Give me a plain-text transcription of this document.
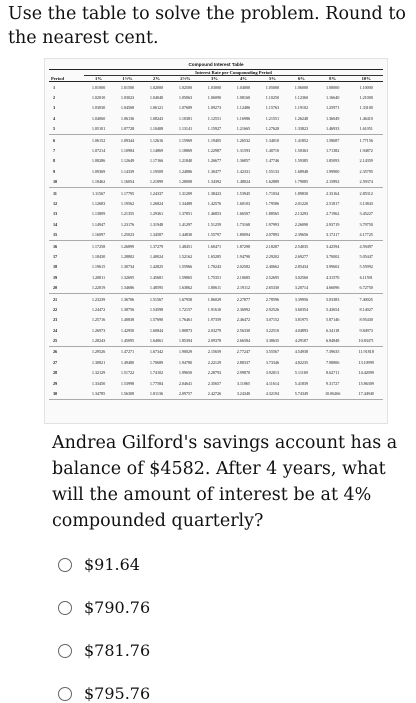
Use the table to solve the problem. Round to the nearest cent.
Compound Interest Table
	Interest Rate per Compounding Period									
Period	1%	1½%	2%	2½%	3%	4%	5%	6%	8%	10%
1	1.01000	1.01500	1.02000	1.02500	1.03000	1.04000	1.05000	1.06000	1.08000	1.10000
2	1.02010	1.03023	1.04040	1.05063	1.06090	1.08160	1.10250	1.12360	1.16640	1.21000
3	1.03030	1.04568	1.06121	1.07689	1.09273	1.12486	1.15763	1.19102	1.25971	1.33100
4	1.04060	1.06136	1.08243	1.10381	1.12551	1.16986	1.21551	1.26248	1.36049	1.46410
5	1.05101	1.07728	1.10408	1.13141	1.15927	1.21665	1.27628	1.33823	1.46933	1.61051
6	1.06152	1.09344	1.12616	1.15969	1.19405	1.26532	1.34010	1.41852	1.58687	1.77156
7	1.07214	1.10984	1.14869	1.18869	1.22987	1.31593	1.40710	1.50363	1.71382	1.94872
8	1.08286	1.12649	1.17166	1.21840	1.26677	1.36857	1.47746	1.59385	1.85093	2.14359
9	1.09369	1.14339	1.19509	1.24886	1.30477	1.42331	1.55133	1.68948	1.99900	2.35795
10	1.10462	1.16054	1.21899	1.28008	1.34392	1.48024	1.62889	1.79085	2.15892	2.59374
11	1.11567	1.17795	1.24337	1.31209	1.38423	1.53945	1.71034	1.89830	2.33164	2.85312
12	1.12683	1.19562	1.26824	1.34489	1.42576	1.60103	1.79586	2.01220	2.51817	3.13843
13	1.13809	1.21355	1.29361	1.37851	1.46853	1.66507	1.88565	2.13293	2.71962	3.45227
14	1.14947	1.23176	1.31948	1.41297	1.51259	1.73168	1.97993	2.26090	2.93719	3.79750
15	1.16097	1.25023	1.34587	1.44830	1.55797	1.80094	2.07893	2.39656	3.17217	4.17725
16	1.17258	1.26899	1.37279	1.48451	1.60471	1.87298	2.18287	2.54035	3.42594	4.59497
17	1.18430	1.28802	1.40024	1.52162	1.65285	1.94790	2.29202	2.69277	3.70002	5.05447
18	1.19615	1.30734	1.42825	1.55966	1.70243	2.02582	2.40662	2.85434	3.99602	5.55992
19	1.20811	1.32695	1.45681	1.59865	1.75351	2.10685	2.52695	3.02560	4.31570	6.11591
20	1.22019	1.34686	1.48595	1.63862	1.80611	2.19112	2.65330	3.20714	4.66096	6.72750
21	1.23239	1.36706	1.51567	1.67958	1.86029	2.27877	2.78596	3.39956	5.03383	7.40025
22	1.24472	1.38756	1.54598	1.72157	1.91610	2.36992	2.92526	3.60354	5.43654	8.14027
23	1.25716	1.40838	1.57690	1.76461	1.97359	2.46472	3.07152	3.81975	5.87146	8.95430
24	1.26973	1.42950	1.60844	1.80873	2.03279	2.56330	3.22510	4.04893	6.34118	9.84973
25	1.28243	1.45095	1.64061	1.85394	2.09378	2.66584	3.38635	4.29187	6.84848	10.83471
26	1.29526	1.47271	1.67342	1.90029	2.15659	2.77247	3.55567	4.54938	7.39635	11.91818
27	1.30821	1.49480	1.70689	1.94780	2.22129	2.88337	3.73346	4.82235	7.98806	13.10999
28	1.32129	1.51722	1.74102	1.99650	2.28793	2.99870	3.92013	5.11169	8.62711	14.42099
29	1.33450	1.53998	1.77584	2.04641	2.35657	3.11865	4.11614	5.41839	9.31727	15.86309
30	1.34785	1.56308	1.81136	2.09757	2.42726	3.24340	4.32194	5.74349	10.06266	17.44940
Andrea Gilford's savings account has a balance of $4582. After 4 years, what will the amount of interest be at 4% compounded quarterly?
$91.64
$790.76
$781.76
$795.76
